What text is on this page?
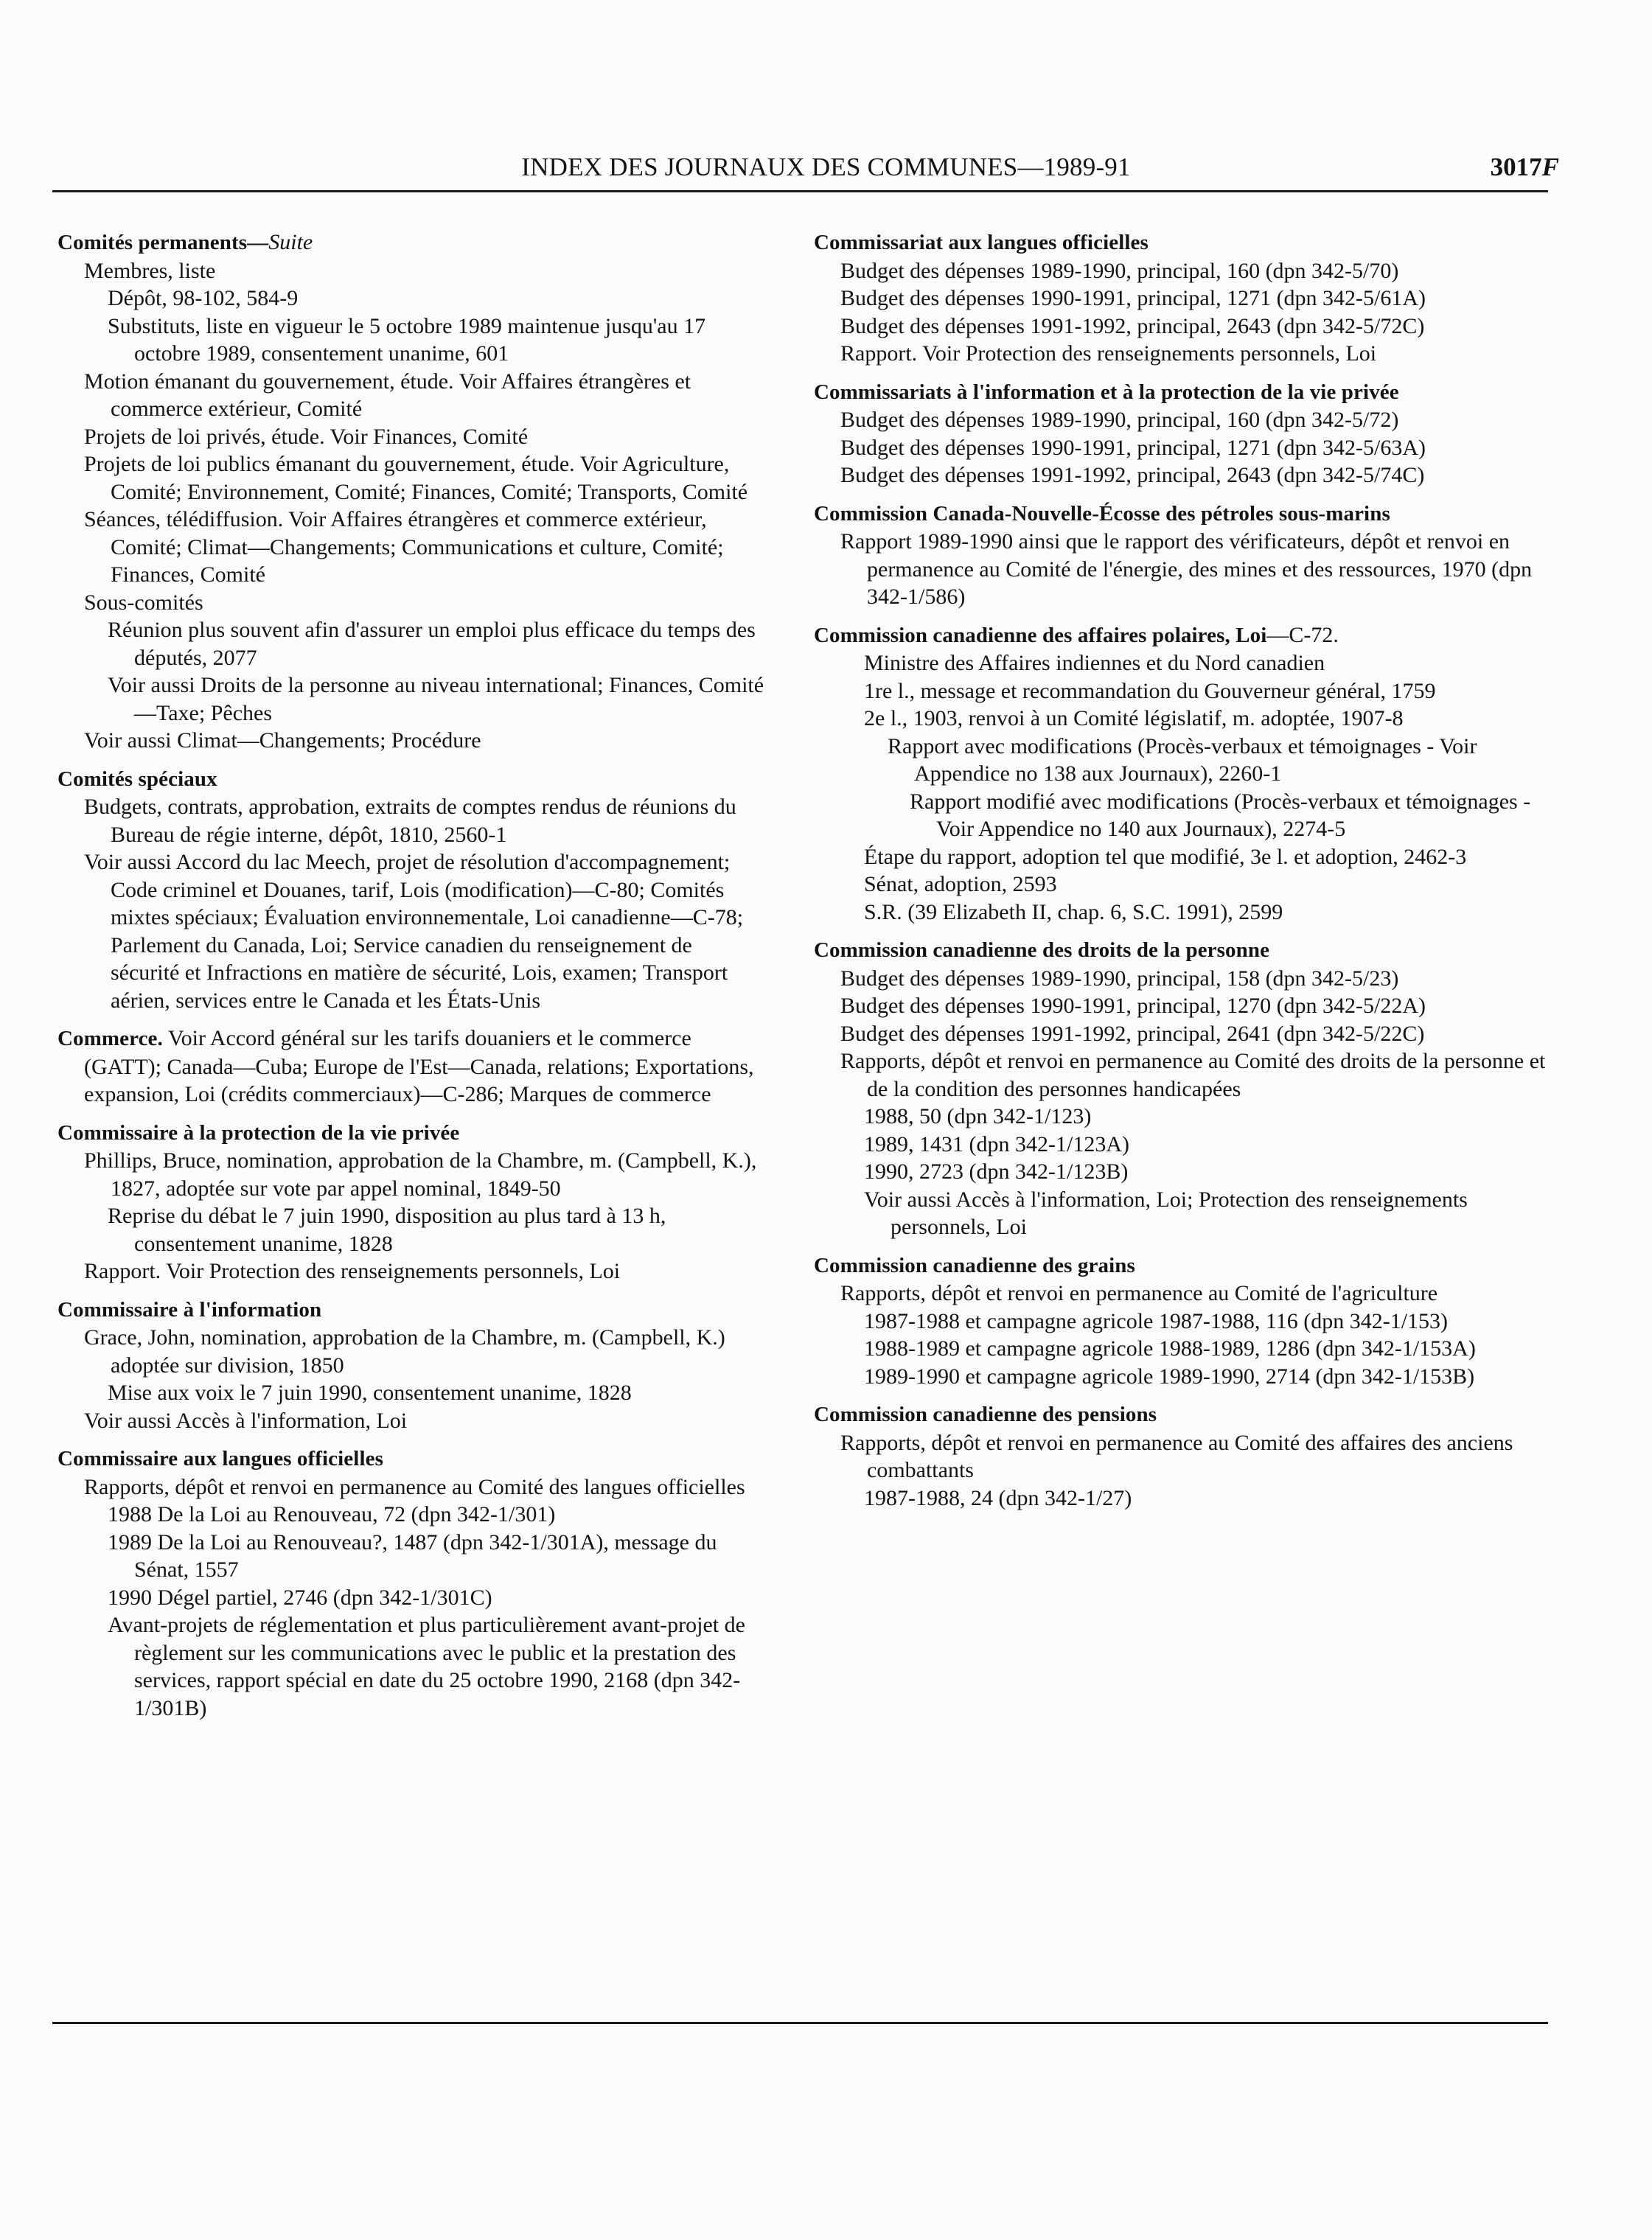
INDEX DES JOURNAUX DES COMMUNES—1989-91	3017F
Comités permanents—Suite
Membres, liste
Dépôt, 98-102, 584-9
Substituts, liste en vigueur le 5 octobre 1989 maintenue jusqu'au 17 octobre 1989, consentement unanime, 601
Motion émanant du gouvernement, étude. Voir Affaires étrangères et commerce extérieur, Comité
Projets de loi privés, étude. Voir Finances, Comité
Projets de loi publics émanant du gouvernement, étude. Voir Agriculture, Comité; Environnement, Comité; Finances, Comité; Transports, Comité
Séances, télédiffusion. Voir Affaires étrangères et commerce extérieur, Comité; Climat—Changements; Communications et culture, Comité; Finances, Comité
Sous-comités
Réunion plus souvent afin d'assurer un emploi plus efficace du temps des députés, 2077
Voir aussi Droits de la personne au niveau international; Finances, Comité—Taxe; Pêches
Voir aussi Climat—Changements; Procédure
Comités spéciaux
Budgets, contrats, approbation, extraits de comptes rendus de réunions du Bureau de régie interne, dépôt, 1810, 2560-1
Voir aussi Accord du lac Meech, projet de résolution d'accompagnement; Code criminel et Douanes, tarif, Lois (modification)—C-80; Comités mixtes spéciaux; Évaluation environnementale, Loi canadienne—C-78; Parlement du Canada, Loi; Service canadien du renseignement de sécurité et Infractions en matière de sécurité, Lois, examen; Transport aérien, services entre le Canada et les États-Unis
Commerce. Voir Accord général sur les tarifs douaniers et le commerce (GATT); Canada—Cuba; Europe de l'Est—Canada, relations; Exportations, expansion, Loi (crédits commerciaux)—C-286; Marques de commerce
Commissaire à la protection de la vie privée
Phillips, Bruce, nomination, approbation de la Chambre, m. (Campbell, K.), 1827, adoptée sur vote par appel nominal, 1849-50
Reprise du débat le 7 juin 1990, disposition au plus tard à 13 h, consentement unanime, 1828
Rapport. Voir Protection des renseignements personnels, Loi
Commissaire à l'information
Grace, John, nomination, approbation de la Chambre, m. (Campbell, K.) adoptée sur division, 1850
Mise aux voix le 7 juin 1990, consentement unanime, 1828
Voir aussi Accès à l'information, Loi
Commissaire aux langues officielles
Rapports, dépôt et renvoi en permanence au Comité des langues officielles
1988 De la Loi au Renouveau, 72 (dpn 342-1/301)
1989 De la Loi au Renouveau?, 1487 (dpn 342-1/301A), message du Sénat, 1557
1990 Dégel partiel, 2746 (dpn 342-1/301C)
Avant-projets de réglementation et plus particulièrement avant-projet de règlement sur les communications avec le public et la prestation des services, rapport spécial en date du 25 octobre 1990, 2168 (dpn 342-1/301B)
Commissariat aux langues officielles
Budget des dépenses 1989-1990, principal, 160 (dpn 342-5/70)
Budget des dépenses 1990-1991, principal, 1271 (dpn 342-5/61A)
Budget des dépenses 1991-1992, principal, 2643 (dpn 342-5/72C)
Rapport. Voir Protection des renseignements personnels, Loi
Commissariats à l'information et à la protection de la vie privée
Budget des dépenses 1989-1990, principal, 160 (dpn 342-5/72)
Budget des dépenses 1990-1991, principal, 1271 (dpn 342-5/63A)
Budget des dépenses 1991-1992, principal, 2643 (dpn 342-5/74C)
Commission Canada-Nouvelle-Écosse des pétroles sous-marins
Rapport 1989-1990 ainsi que le rapport des vérificateurs, dépôt et renvoi en permanence au Comité de l'énergie, des mines et des ressources, 1970 (dpn 342-1/586)
Commission canadienne des affaires polaires, Loi—C-72.
Ministre des Affaires indiennes et du Nord canadien
1re l., message et recommandation du Gouverneur général, 1759
2e l., 1903, renvoi à un Comité législatif, m. adoptée, 1907-8
Rapport avec modifications (Procès-verbaux et témoignages - Voir Appendice no 138 aux Journaux), 2260-1
Rapport modifié avec modifications (Procès-verbaux et témoignages - Voir Appendice no 140 aux Journaux), 2274-5
Étape du rapport, adoption tel que modifié, 3e l. et adoption, 2462-3
Sénat, adoption, 2593
S.R. (39 Elizabeth II, chap. 6, S.C. 1991), 2599
Commission canadienne des droits de la personne
Budget des dépenses 1989-1990, principal, 158 (dpn 342-5/23)
Budget des dépenses 1990-1991, principal, 1270 (dpn 342-5/22A)
Budget des dépenses 1991-1992, principal, 2641 (dpn 342-5/22C)
Rapports, dépôt et renvoi en permanence au Comité des droits de la personne et de la condition des personnes handicapées
1988, 50 (dpn 342-1/123)
1989, 1431 (dpn 342-1/123A)
1990, 2723 (dpn 342-1/123B)
Voir aussi Accès à l'information, Loi; Protection des renseignements personnels, Loi
Commission canadienne des grains
Rapports, dépôt et renvoi en permanence au Comité de l'agriculture
1987-1988 et campagne agricole 1987-1988, 116 (dpn 342-1/153)
1988-1989 et campagne agricole 1988-1989, 1286 (dpn 342-1/153A)
1989-1990 et campagne agricole 1989-1990, 2714 (dpn 342-1/153B)
Commission canadienne des pensions
Rapports, dépôt et renvoi en permanence au Comité des affaires des anciens combattants
1987-1988, 24 (dpn 342-1/27)
